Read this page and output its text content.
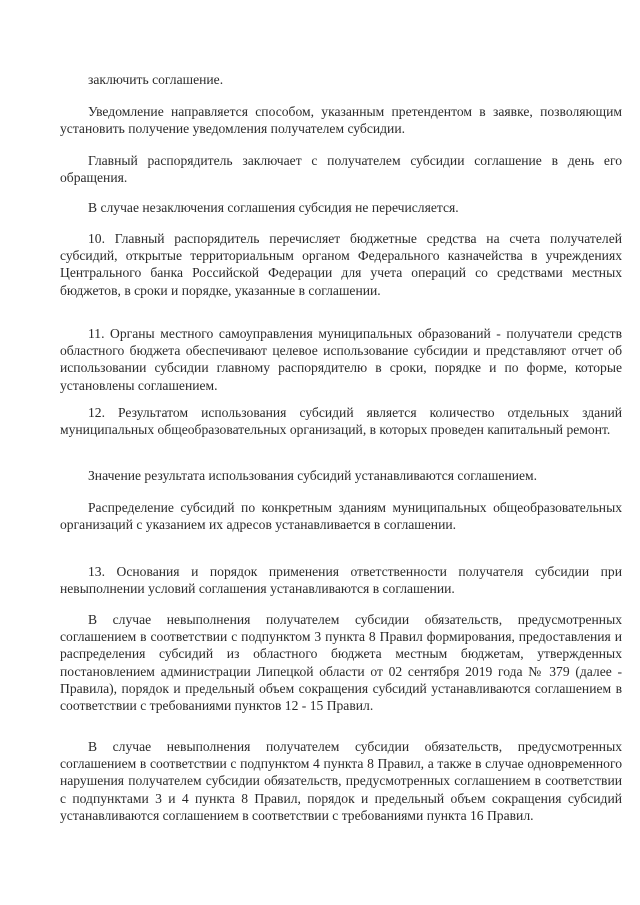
заключить соглашение.

Уведомление направляется способом, указанным претендентом в заявке, позволяющим установить получение уведомления получателем субсидии.

Главный распорядитель заключает с получателем субсидии соглашение в день его обращения.

В случае незаключения соглашения субсидия не перечисляется.

10. Главный распорядитель перечисляет бюджетные средства на счета получателей субсидий, открытые территориальным органом Федерального казначейства в учреждениях Центрального банка Российской Федерации для учета операций со средствами местных бюджетов, в сроки и порядке, указанные в соглашении.

11. Органы местного самоуправления муниципальных образований - получатели средств областного бюджета обеспечивают целевое использование субсидии и представляют отчет об использовании субсидии главному распорядителю в сроки, порядке и по форме, которые установлены соглашением.

12. Результатом использования субсидий является количество отдельных зданий муниципальных общеобразовательных организаций, в которых проведен капитальный ремонт.

Значение результата использования субсидий устанавливаются соглашением.

Распределение субсидий по конкретным зданиям муниципальных общеобразовательных организаций с указанием их адресов устанавливается в соглашении.

13. Основания и порядок применения ответственности получателя субсидии при невыполнении условий соглашения устанавливаются в соглашении.

В случае невыполнения получателем субсидии обязательств, предусмотренных соглашением в соответствии с подпунктом 3 пункта 8 Правил формирования, предоставления и распределения субсидий из областного бюджета местным бюджетам, утвержденных постановлением администрации Липецкой области от 02 сентября 2019 года № 379 (далее - Правила), порядок и предельный объем сокращения субсидий устанавливаются соглашением в соответствии с требованиями пунктов 12 - 15 Правил.

В случае невыполнения получателем субсидии обязательств, предусмотренных соглашением в соответствии с подпунктом 4 пункта 8 Правил, а также в случае одновременного нарушения получателем субсидии обязательств, предусмотренных соглашением в соответствии с подпунктами 3 и 4 пункта 8 Правил, порядок и предельный объем сокращения субсидий устанавливаются соглашением в соответствии с требованиями пункта 16 Правил.
